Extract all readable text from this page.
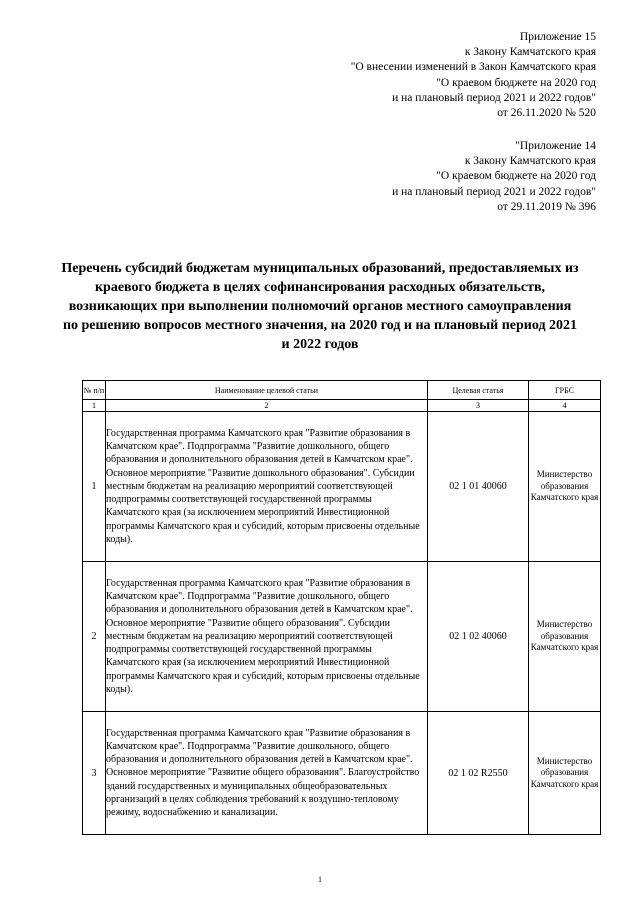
Приложение 15
к Закону Камчатского края
"О внесении изменений в Закон Камчатского края
"О краевом бюджете на 2020 год
и на плановый период 2021 и 2022 годов"
от 26.11.2020 № 520
"Приложение 14
к Закону Камчатского края
"О краевом бюджете на 2020 год
и на плановый период 2021 и 2022 годов"
от 29.11.2019 № 396
Перечень субсидий бюджетам муниципальных образований, предоставляемых из краевого бюджета в целях софинансирования расходных обязательств, возникающих при выполнении полномочий органов местного самоуправления по решению вопросов местного значения, на 2020 год и на плановый период 2021 и 2022 годов
№ п/п	Наименование целевой статьи	Целевая статья	ГРБС
1	2	3	4
1	Государственная программа Камчатского края "Развитие образования в Камчатском крае". Подпрограмма "Развитие дошкольного, общего образования и дополнительного образования детей в Камчатском крае". Основное мероприятие "Развитие дошкольного образования". Субсидии местным бюджетам на реализацию мероприятий соответствующей подпрограммы соответствующей государственной программы Камчатского края (за исключением мероприятий Инвестиционной программы Камчатского края и субсидий, которым присвоены отдельные коды).	02 1 01 40060	Министерство образования Камчатского края
2	Государственная программа Камчатского края "Развитие образования в Камчатском крае". Подпрограмма "Развитие дошкольного, общего образования и дополнительного образования детей в Камчатском крае". Основное мероприятие "Развитие общего образования". Субсидии местным бюджетам на реализацию мероприятий соответствующей подпрограммы соответствующей государственной программы Камчатского края (за исключением мероприятий Инвестиционной программы Камчатского края и субсидий, которым присвоены отдельные коды).	02 1 02 40060	Министерство образования Камчатского края
3	Государственная программа Камчатского края "Развитие образования в Камчатском крае". Подпрограмма "Развитие дошкольного, общего образования и дополнительного образования детей в Камчатском крае". Основное мероприятие "Развитие общего образования". Благоустройство зданий государственных и муниципальных общеобразовательных организаций в целях соблюдения требований к воздушно-тепловому режиму, водоснабжению и канализации.	02 1 02 R2550	Министерство образования Камчатского края
1
